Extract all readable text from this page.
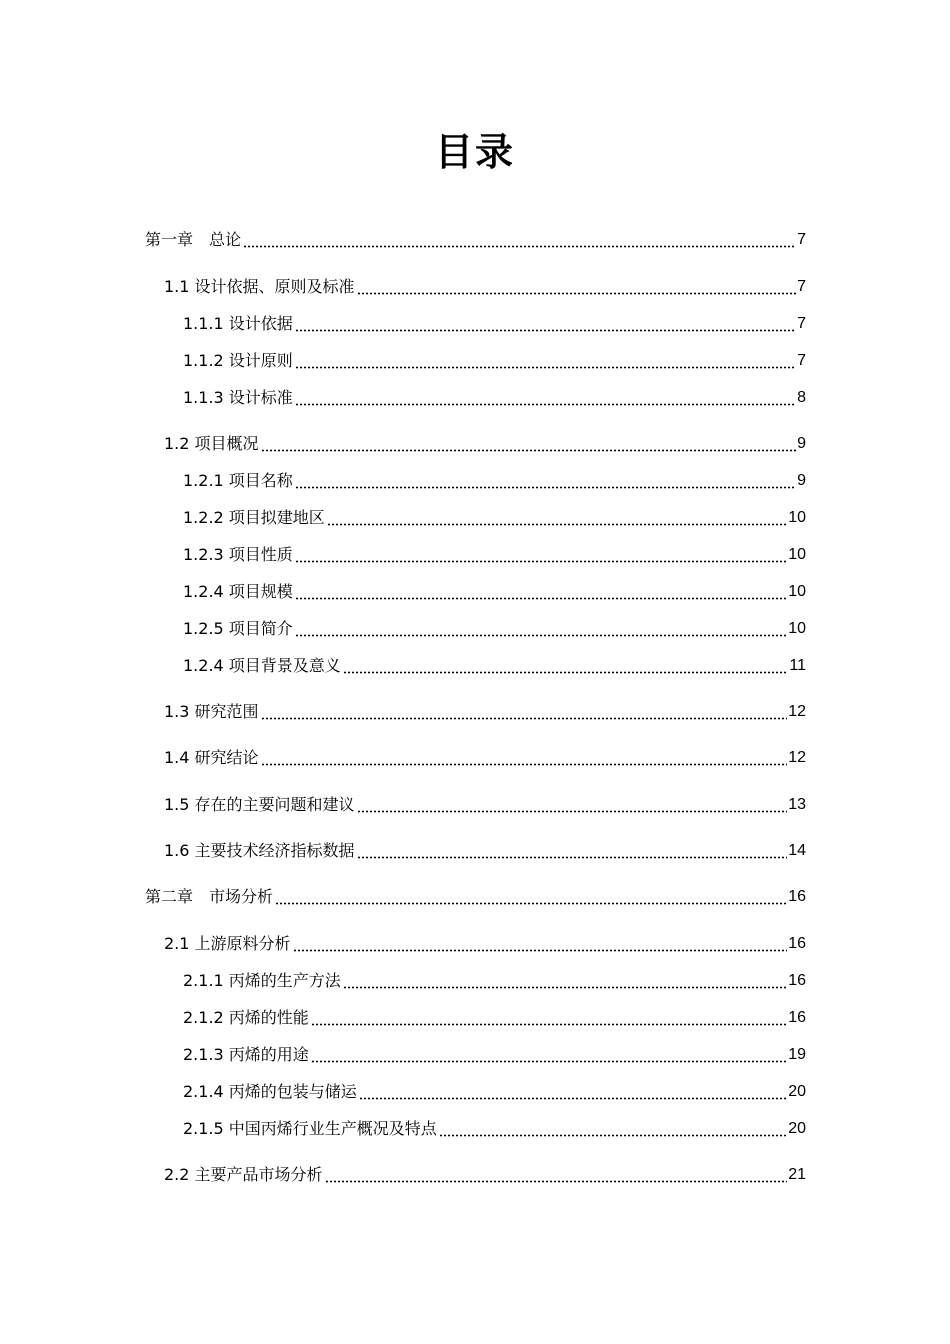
目录
第一章　总论	7
1.1 设计依据、原则及标准	7
1.1.1 设计依据	7
1.1.2 设计原则	7
1.1.3 设计标准	8
1.2 项目概况	9
1.2.1 项目名称	9
1.2.2 项目拟建地区	10
1.2.3 项目性质	10
1.2.4 项目规模	10
1.2.5 项目简介	10
1.2.4 项目背景及意义	11
1.3 研究范围	12
1.4 研究结论	12
1.5 存在的主要问题和建议	13
1.6 主要技术经济指标数据	14
第二章　市场分析	16
2.1 上游原料分析	16
2.1.1 丙烯的生产方法	16
2.1.2 丙烯的性能	16
2.1.3 丙烯的用途	19
2.1.4 丙烯的包装与储运	20
2.1.5 中国丙烯行业生产概况及特点	20
2.2 主要产品市场分析	21
